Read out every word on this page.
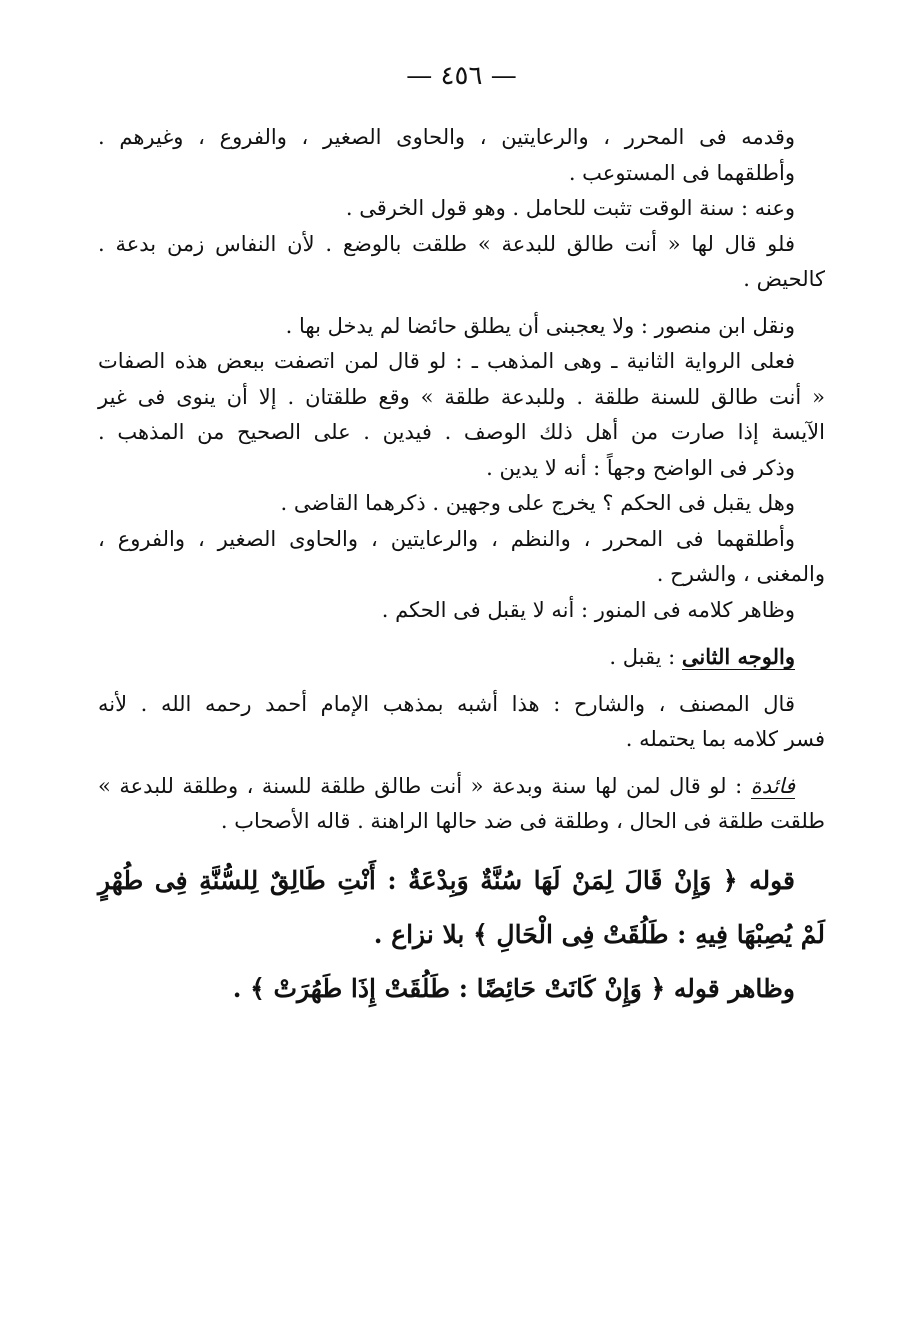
— ٤٥٦ —
وقدمه فى المحرر ، والرعايتين ، والحاوى الصغير ، والفروع ، وغيرهم .
وأطلقهما فى المستوعب .
وعنه : سنة الوقت تثبت للحامل . وهو قول الخرقى .
فلو قال لها « أنت طالق للبدعة » طلقت بالوضع . لأن النفاس زمن بدعة .
كالحيض .
ونقل ابن منصور : ولا يعجبنى أن يطلق حائضا لم يدخل بها .
فعلى الرواية الثانية ـ وهى المذهب ـ : لو قال لمن اتصفت ببعض هذه الصفات
« أنت طالق للسنة طلقة . وللبدعة طلقة » وقع طلقتان . إلا أن ينوى فى غير
الآيسة إذا صارت من أهل ذلك الوصف . فيدين . على الصحيح من المذهب .
وذكر فى الواضح وجهاً : أنه لا يدين .
وهل يقبل فى الحكم ؟ يخرج على وجهين . ذكرهما القاضى .
وأطلقهما فى المحرر ، والنظم ، والرعايتين ، والحاوى الصغير ، والفروع ،
والمغنى ، والشرح .
وظاهر كلامه فى المنور : أنه لا يقبل فى الحكم .
والوجه الثانى : يقبل .
قال المصنف ، والشارح : هذا أشبه بمذهب الإمام أحمد رحمه الله . لأنه
فسر كلامه بما يحتمله .
فائدة : لو قال لمن لها سنة وبدعة « أنت طالق طلقة للسنة ، وطلقة للبدعة »
طلقت طلقة فى الحال ، وطلقة فى ضد حالها الراهنة . قاله الأصحاب .
قوله ﴿ وَإِنْ قَالَ لِمَنْ لَهَا سُنَّةٌ وَبِدْعَةٌ : أَنْتِ طَالِقٌ لِلسُّنَّةِ فِى طُهْرٍ
لَمْ يُصِبْهَا فِيهِ : طَلُقَتْ فِى الْحَالِ ﴾ بلا نزاع .
وظاهر قوله ﴿ وَإِنْ كَانَتْ حَائِضًا : طَلُقَتْ إِذَا طَهُرَتْ ﴾ .
